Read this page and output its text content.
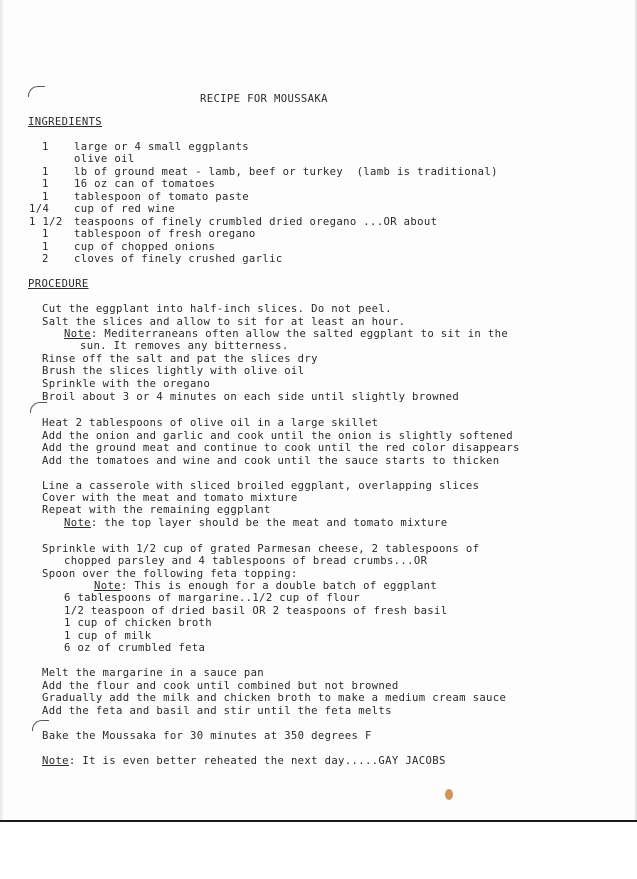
RECIPE FOR MOUSSAKA
INGREDIENTS
1 large or 4 small eggplants
olive oil
1 lb of ground meat - lamb, beef or turkey  (lamb is traditional)
1 16 oz can of tomatoes
1 tablespoon of tomato paste
1/4 cup of red wine
1 1/2 teaspoons of finely crumbled dried oregano ...OR about
1 tablespoon of fresh oregano
1 cup of chopped onions
2 cloves of finely crushed garlic
PROCEDURE
Cut the eggplant into half-inch slices. Do not peel.
Salt the slices and allow to sit for at least an hour.
Note: Mediterraneans often allow the salted eggplant to sit in the
sun. It removes any bitterness.
Rinse off the salt and pat the slices dry
Brush the slices lightly with olive oil
Sprinkle with the oregano
Broil about 3 or 4 minutes on each side until slightly browned
Heat 2 tablespoons of olive oil in a large skillet
Add the onion and garlic and cook until the onion is slightly softened
Add the ground meat and continue to cook until the red color disappears
Add the tomatoes and wine and cook until the sauce starts to thicken
Line a casserole with sliced broiled eggplant, overlapping slices
Cover with the meat and tomato mixture
Repeat with the remaining eggplant
Note: the top layer should be the meat and tomato mixture
Sprinkle with 1/2 cup of grated Parmesan cheese, 2 tablespoons of
chopped parsley and 4 tablespoons of bread crumbs...OR
Spoon over the following feta topping:
Note: This is enough for a double batch of eggplant
6 tablespoons of margarine..1/2 cup of flour
1/2 teaspoon of dried basil OR 2 teaspoons of fresh basil
1 cup of chicken broth
1 cup of milk
6 oz of crumbled feta
Melt the margarine in a sauce pan
Add the flour and cook until combined but not browned
Gradually add the milk and chicken broth to make a medium cream sauce
Add the feta and basil and stir until the feta melts
Bake the Moussaka for 30 minutes at 350 degrees F
Note: It is even better reheated the next day.....GAY JACOBS
